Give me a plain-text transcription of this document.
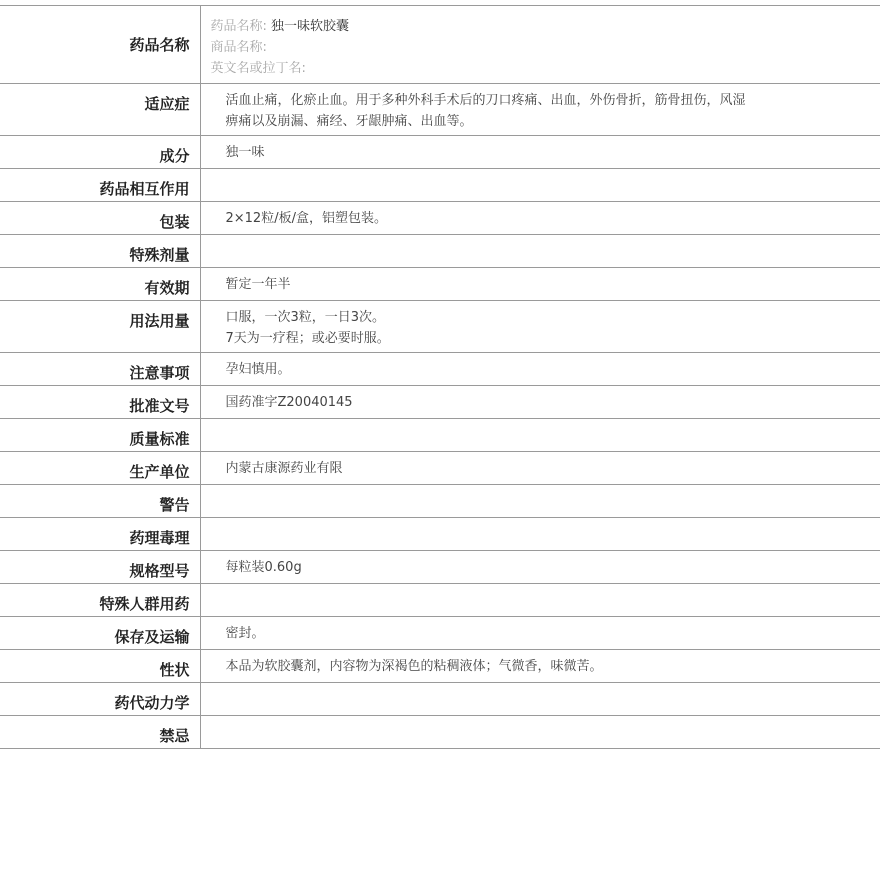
药品名称	药品名称: 独一味软胶囊
商品名称:
英文名或拉丁名:

适应症	活血止痛，化瘀止血。用于多种外科手术后的刀口疼痛、出血，外伤骨折，筋骨扭伤，风湿
痹痛以及崩漏、痛经、牙龈肿痛、出血等。

成分	独一味

药品相互作用	
包装	2×12粒/板/盒，铝塑包装。

特殊剂量	
有效期	暂定一年半

用法用量	口服，一次3粒，一日3次。
7天为一疗程；或必要时服。

注意事项	孕妇慎用。

批准文号	国药准字Z20040145

质量标准	
生产单位	内蒙古康源药业有限

警告	
药理毒理	
规格型号	每粒装0.60g

特殊人群用药	
保存及运输	密封。

性状	本品为软胶囊剂，内容物为深褐色的粘稠液体；气微香，味微苦。

药代动力学	
禁忌	
